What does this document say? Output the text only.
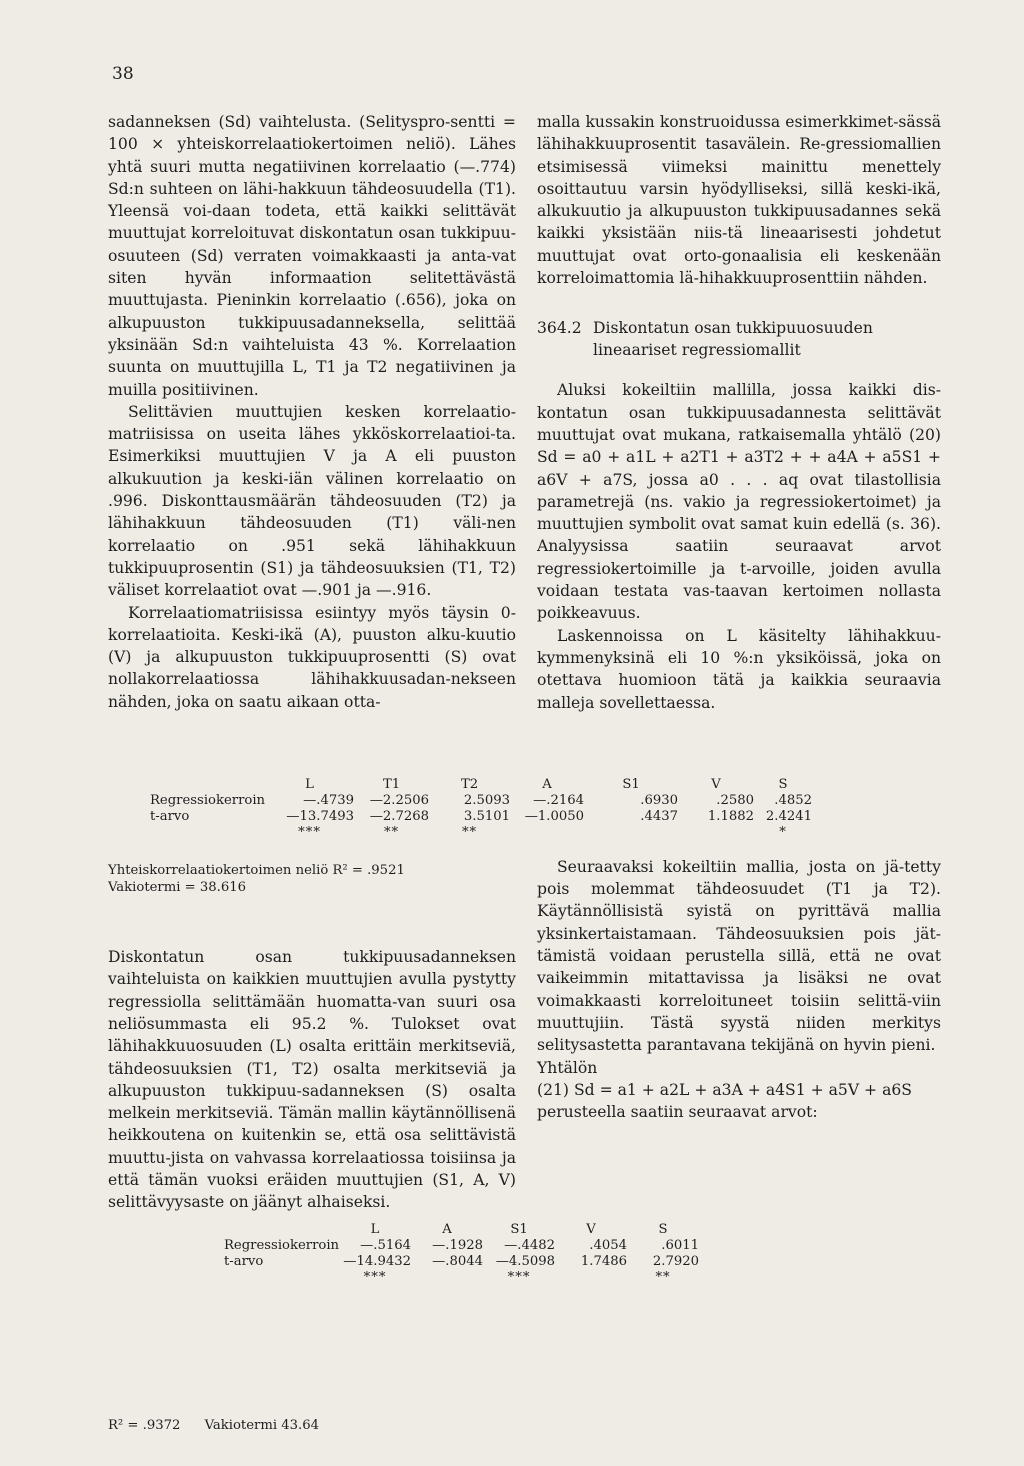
38

sadanneksen (Sd) vaihtelusta. (Selityspro-sentti = 100 × yhteiskorrelaatiokertoimen neliö). Lähes yhtä suuri mutta negatiivinen korrelaatio (—.774) Sd:n suhteen on lähi-hakkuun tähdeosuudella (T1). Yleensä voi-daan todeta, että kaikki selittävät muuttujat korreloituvat diskontatun osan tukkipuu-osuuteen (Sd) verraten voimakkaasti ja anta-vat siten hyvän informaation selitettävästä muuttujasta. Pieninkin korrelaatio (.656), joka on alkupuuston tukkipuusadanneksella, selittää yksinään Sd:n vaihteluista 43 %. Korrelaation suunta on muuttujilla L, T1 ja T2 negatiivinen ja muilla positiivinen.

Selittävien muuttujien kesken korrelaatio-matriisissa on useita lähes ykköskorrelaatioi-ta. Esimerkiksi muuttujien V ja A eli puuston alkukuution ja keski-iän välinen korrelaatio on .996. Diskonttausmäärän tähdeosuuden (T2) ja lähihakkuun tähdeosuuden (T1) väli-nen korrelaatio on .951 sekä lähihakkuun tukkipuuprosentin (S1) ja tähdeosuuksien (T1, T2) väliset korrelaatiot ovat —.901 ja —.916.

Korrelaatiomatriisissa esiintyy myös täysin 0-korrelaatioita. Keski-ikä (A), puuston alku-kuutio (V) ja alkupuuston tukkipuuprosentti (S) ovat nollakorrelaatiossa lähihakkuusadan-nekseen nähden, joka on saatu aikaan otta-

Diskontatun osan tukkipuusadanneksen vaihteluista on kaikkien muuttujien avulla pystytty regressiolla selittämään huomatta-van suuri osa neliösummasta eli 95.2 %. Tulokset ovat lähihakkuuosuuden (L) osalta erittäin merkitseviä, tähdeosuuksien (T1, T2) osalta merkitseviä ja alkupuuston tukkipuu-sadanneksen (S) osalta melkein merkitseviä. Tämän mallin käytännöllisenä heikkoutena on kuitenkin se, että osa selittävistä muuttu-jista on vahvassa korrelaatiossa toisiinsa ja että tämän vuoksi eräiden muuttujien (S1, A, V) selittävyysaste on jäänyt alhaiseksi.

malla kussakin konstruoidussa esimerkkimet-sässä lähihakkuuprosentit tasavälein. Re-gressiomallien etsimisessä viimeksi mainittu menettely osoittautuu varsin hyödylliseksi, sillä keski-ikä, alkukuutio ja alkupuuston tukkipuusadannes sekä kaikki yksistään niis-tä lineaarisesti johdetut muuttujat ovat orto-gonaalisia eli keskenään korreloimattomia lä-hihakkuuprosenttiin nähden.

364.2 Diskontatun osan tukkipuuosuuden
lineaariset regressiomallit

Aluksi kokeiltiin mallilla, jossa kaikki dis-kontatun osan tukkipuusadannesta selittävät muuttujat ovat mukana, ratkaisemalla yhtälö (20) Sd = a0 + a1L + a2T1 + a3T2 + + a4A + a5S1 + a6V + a7S, jossa a0 . . . aq ovat tilastollisia parametrejä (ns. vakio ja regressiokertoimet) ja muuttujien symbolit ovat samat kuin edellä (s. 36). Analyysissa saatiin seuraavat arvot regressiokertoimille ja t-arvoille, joiden avulla voidaan testata vas-taavan kertoimen nollasta poikkeavuus.

Laskennoissa on L käsitelty lähihakkuu-kymmenyksinä eli 10 %:n yksiköissä, joka on otettava huomioon tätä ja kaikkia seuraavia malleja sovellettaessa.

Seuraavaksi kokeiltiin mallia, josta on jä-tetty pois molemmat tähdeosuudet (T1 ja T2). Käytännöllisistä syistä on pyrittävä mallia yksinkertaistamaan. Tähdeosuuksien pois jät-tämistä voidaan perustella sillä, että ne ovat vaikeimmin mitattavissa ja lisäksi ne ovat voimakkaasti korreloituneet toisiin selittä-viin muuttujiin. Tästä syystä niiden merkitys selitysastetta parantavana tekijänä on hyvin pieni.

Yhtälön

(21) Sd = a1 + a2L + a3A + a4S1 + a5V + a6S

perusteella saatiin seuraavat arvot:

	L	T1	T2	A	S1	V	S
Regressiokerroin	—.4739	—2.2506	2.5093	—.2164	.6930	.2580	.4852
t-arvo	—13.7493	—2.7268	3.5101	—1.0050	.4437	1.1882	2.4241
	***	**	**				*
Yhteiskorrelaatiokertoimen neliö R² = .9521
Vakiotermi = 38.616
	L	A	S1	V	S
Regressiokerroin	—.5164	—.1928	—.4482	.4054	.6011
t-arvo	—14.9432	—.8044	—4.5098	1.7486	2.7920
	***		***		**
R² = .9372 Vakiotermi 43.64
